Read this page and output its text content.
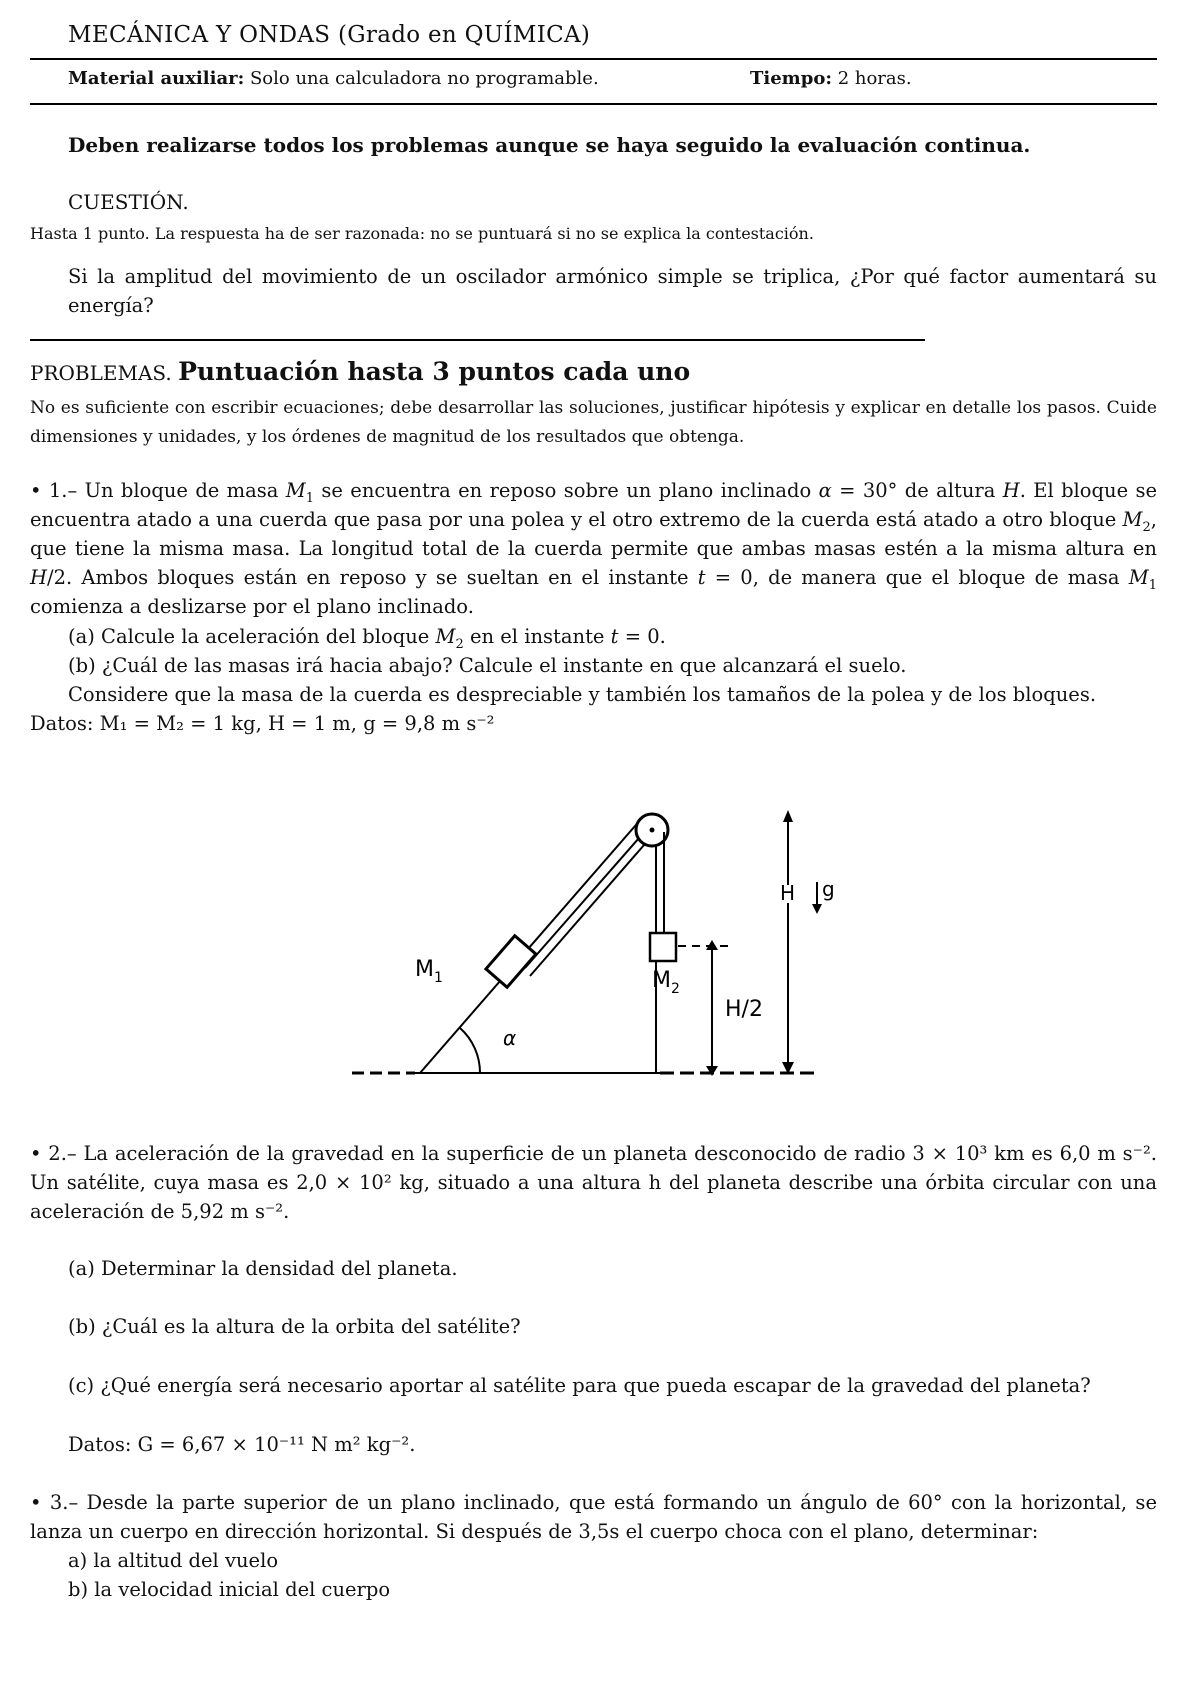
MECÁNICA Y ONDAS (Grado en QUÍMICA)
Material auxiliar: Solo una calculadora no programable.	Tiempo: 2 horas.
Deben realizarse todos los problemas aunque se haya seguido la evaluación continua.
CUESTIÓN.
Hasta 1 punto. La respuesta ha de ser razonada: no se puntuará si no se explica la contestación.
Si la amplitud del movimiento de un oscilador armónico simple se triplica, ¿Por qué factor aumentará su energía?
PROBLEMAS. Puntuación hasta 3 puntos cada uno
No es suficiente con escribir ecuaciones; debe desarrollar las soluciones, justificar hipótesis y explicar en detalle los pasos. Cuide dimensiones y unidades, y los órdenes de magnitud de los resultados que obtenga.
• 1.– Un bloque de masa $M_1$ se encuentra en reposo sobre un plano inclinado α = 30° de altura H. El bloque se encuentra atado a una cuerda que pasa por una polea y el otro extremo de la cuerda está atado a otro bloque $M_2$, que tiene la misma masa. La longitud total de la cuerda permite que ambas masas estén a la misma altura en H/2. Ambos bloques están en reposo y se sueltan en el instante t = 0, de manera que el bloque de masa $M_1$ comienza a deslizarse por el plano inclinado.
(a) Calcule la aceleración del bloque $M_2$ en el instante t = 0.
(b) ¿Cuál de las masas irá hacia abajo? Calcule el instante en que alcanzará el suelo.
Considere que la masa de la cuerda es despreciable y también los tamaños de la polea y de los bloques.
Datos: M₁ = M₂ = 1 kg, H = 1 m, g = 9,8 m s⁻²
$M_1$	$M_2$
H
H/2
g
α
• 2.– La aceleración de la gravedad en la superficie de un planeta desconocido de radio 3 × 10³ km es 6,0 m s⁻². Un satélite, cuya masa es 2,0 × 10² kg, situado a una altura h del planeta describe una órbita circular con una aceleración de 5,92 m s⁻².
(a) Determinar la densidad del planeta.
(b) ¿Cuál es la altura de la orbita del satélite?
(c) ¿Qué energía será necesario aportar al satélite para que pueda escapar de la gravedad del planeta?
Datos: G = 6,67 × 10⁻¹¹ N m² kg⁻².
• 3.– Desde la parte superior de un plano inclinado, que está formando un ángulo de 60° con la horizontal, se lanza un cuerpo en dirección horizontal. Si después de 3,5s el cuerpo choca con el plano, determinar:
a) la altitud del vuelo
b) la velocidad inicial del cuerpo
